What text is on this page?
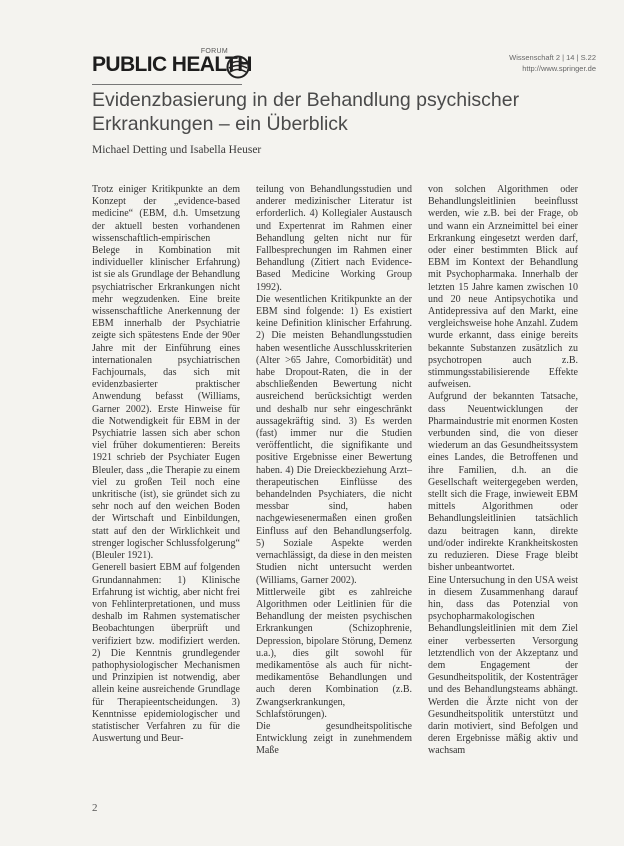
FORUM
PUBLIC HEALTH	Wissenschaft 2 | 14 | S.22
http://www.springer.de
Evidenzbasierung in der Behandlung psychischer Erkrankungen – ein Überblick
Michael Detting und Isabella Heuser

Trotz einiger Kritikpunkte an dem Konzept der „evidence-based medicine“ (EBM, d.h. Umsetzung der aktuell besten vorhandenen wissenschaftlich-empirischen Belege in Kombination mit individueller klinischer Erfahrung) ist sie als Grundlage der Behandlung psychiatrischer Erkrankungen nicht mehr wegzudenken. Eine breite wissenschaftliche Anerkennung der EBM innerhalb der Psychiatrie zeigte sich spätestens Ende der 90er Jahre mit der Einführung eines internationalen psychiatrischen Fachjournals, das sich mit evidenzbasierter praktischer Anwendung befasst (Williams, Garner 2002). Erste Hinweise für die Notwendigkeit für EBM in der Psychiatrie lassen sich aber schon viel früher dokumentieren: Bereits 1921 schrieb der Psychiater Eugen Bleuler, dass „die Therapie zu einem viel zu großen Teil noch eine unkritische (ist), sie gründet sich zu sehr noch auf den weichen Boden der Wirtschaft und Einbildungen, statt auf den der Wirklichkeit und strenger logischer Schlussfolgerung“ (Bleuler 1921).

Generell basiert EBM auf folgenden Grundannahmen: 1) Klinische Erfahrung ist wichtig, aber nicht frei von Fehlinterpretationen, und muss deshalb im Rahmen systematischer Beobachtungen überprüft und verifiziert bzw. modifiziert werden. 2) Die Kenntnis grundlegender pathophysiologischer Mechanismen und Prinzipien ist notwendig, aber allein keine ausreichende Grundlage für Therapieentscheidungen. 3) Kenntnisse epidemiologischer und statistischer Verfahren zu für die Auswertung und Beur-

teilung von Behandlungsstudien und anderer medizinischer Literatur ist erforderlich. 4) Kollegialer Austausch und Expertenrat im Rahmen einer Behandlung gelten nicht nur für Fallbesprechungen im Rahmen einer Behandlung (Zitiert nach Evidence-Based Medicine Working Group 1992).

Die wesentlichen Kritikpunkte an der EBM sind folgende: 1) Es existiert keine Definition klinischer Erfahrung. 2) Die meisten Behandlungsstudien haben wesentliche Ausschlusskriterien (Alter >65 Jahre, Comorbidität) und habe Dropout-Raten, die in der abschließenden Bewertung nicht ausreichend berücksichtigt werden und deshalb nur sehr eingeschränkt aussagekräftig sind. 3) Es werden (fast) immer nur die Studien veröffentlicht, die signifikante und positive Ergebnisse einer Bewertung haben. 4) Die Dreieckbeziehung Arzt–therapeutischen Einflüsse des behandelnden Psychiaters, die nicht messbar sind, haben nachgewiesenermaßen einen großen Einfluss auf den Behandlungserfolg. 5) Soziale Aspekte werden vernachlässigt, da diese in den meisten Studien nicht untersucht werden (Williams, Garner 2002).

Mittlerweile gibt es zahlreiche Algorithmen oder Leitlinien für die Behandlung der meisten psychischen Erkrankungen (Schizophrenie, Depression, bipolare Störung, Demenz u.a.), dies gilt sowohl für medikamentöse als auch für nicht-medikamentöse Behandlungen und auch deren Kombination (z.B. Zwangserkrankungen, Schlafstörungen).

Die gesundheitspolitische Entwicklung zeigt in zunehmendem Maße

von solchen Algorithmen oder Behandlungsleitlinien beeinflusst werden, wie z.B. bei der Frage, ob und wann ein Arzneimittel bei einer Erkrankung eingesetzt werden darf, oder einer bestimmten Blick auf EBM im Kontext der Behandlung mit Psychopharmaka. Innerhalb der letzten 15 Jahre kamen zwischen 10 und 20 neue Antipsychotika und Antidepressiva auf den Markt, eine vergleichsweise hohe Anzahl. Zudem wurde erkannt, dass einige bereits bekannte Substanzen zusätzlich zu psychotropen auch z.B. stimmungsstabilisierende Effekte aufweisen.

Aufgrund der bekannten Tatsache, dass Neuentwicklungen der Pharmaindustrie mit enormen Kosten verbunden sind, die von dieser wiederum an das Gesundheitssystem eines Landes, die Betroffenen und ihre Familien, d.h. an die Gesellschaft weitergegeben werden, stellt sich die Frage, inwieweit EBM mittels Algorithmen oder Behandlungsleitlinien tatsächlich dazu beitragen kann, direkte und/oder indirekte Krankheitskosten zu reduzieren. Diese Frage bleibt bisher unbeantwortet.

Eine Untersuchung in den USA weist in diesem Zusammenhang darauf hin, dass das Potenzial von psychopharmakologischen Behandlungsleitlinien mit dem Ziel einer verbesserten Versorgung letztendlich von der Akzeptanz und dem Engagement der Gesundheitspolitik, der Kostenträger und des Behandlungsteams abhängt. Werden die Ärzte nicht von der Gesundheitspolitik unterstützt und darin motiviert, sind Befolgen und deren Ergebnisse mäßig aktiv und wachsam

2
